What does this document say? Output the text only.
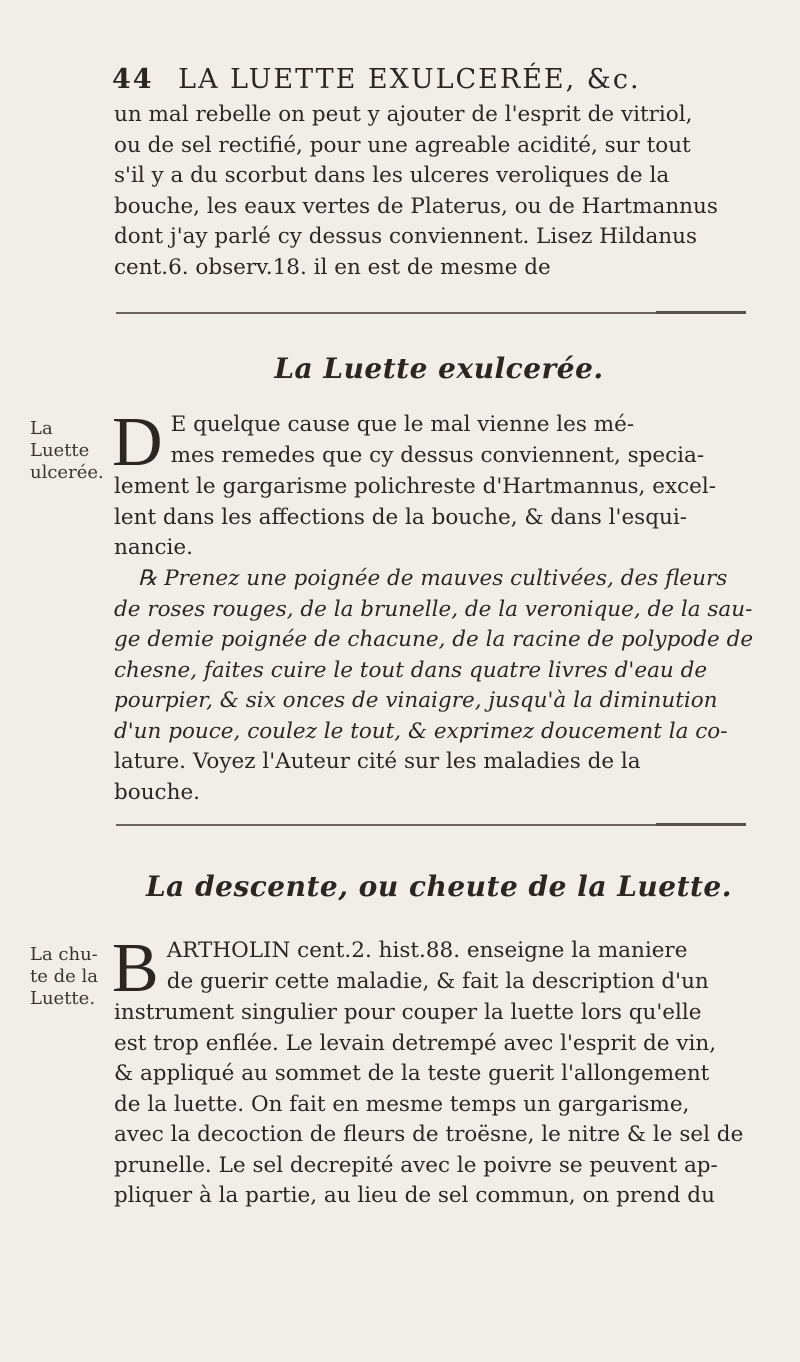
44 LA LUETTE EXULCERÉE, &c.
un mal rebelle on peut y ajouter de l'esprit de vitriol,
ou de sel rectifié, pour une agreable acidité, sur tout
s'il y a du scorbut dans les ulceres veroliques de la
bouche, les eaux vertes de Platerus, ou de Hartmannus
dont j'ay parlé cy dessus conviennent. Lisez Hildanus
cent.6. observ.18. il en est de mesme de
La Luette exulcerée.
La
Luette
ulcerée. D E quelque cause que le mal vienne les mé-
mes remedes que cy dessus conviennent, specia-
lement le gargarisme polichreste d'Hartmannus, excel-
lent dans les affections de la bouche, & dans l'esqui-
nancie.
℞ Prenez une poignée de mauves cultivées, des fleurs
de roses rouges, de la brunelle, de la veronique, de la sau-
ge demie poignée de chacune, de la racine de polypode de
chesne, faites cuire le tout dans quatre livres d'eau de
pourpier, & six onces de vinaigre, jusqu'à la diminution
d'un pouce, coulez le tout, & exprimez doucement la co-
lature. Voyez l'Auteur cité sur les maladies de la
bouche.
La descente, ou cheute de la Luette.
La chu-
te de la
Luette. B ARTHOLIN cent.2. hist.88. enseigne la maniere
de guerir cette maladie, & fait la description d'un
instrument singulier pour couper la luette lors qu'elle
est trop enflée. Le levain detrempé avec l'esprit de vin,
& appliqué au sommet de la teste guerit l'allongement
de la luette. On fait en mesme temps un gargarisme,
avec la decoction de fleurs de troësne, le nitre & le sel de
prunelle. Le sel decrepité avec le poivre se peuvent ap-
pliquer à la partie, au lieu de sel commun, on prend du
